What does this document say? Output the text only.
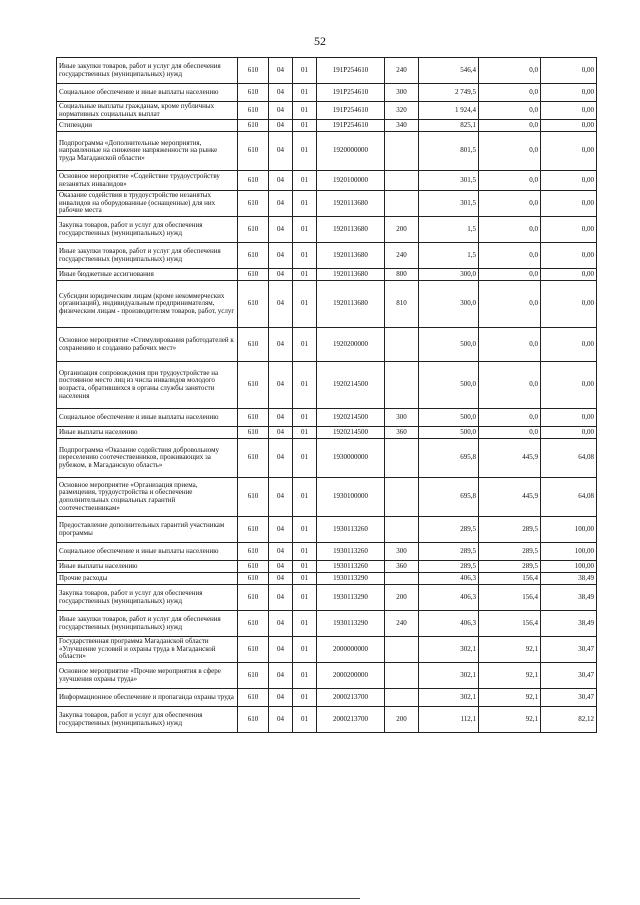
52
Иные закупки товаров, работ и услуг для обеспечения государственных (муниципальных) нужд	610	04	01	191P254610	240	546,4	0,0	0,00
Социальное обеспечение и иные выплаты населению	610	04	01	191P254610	300	2 749,5	0,0	0,00
Социальные выплаты гражданам, кроме публичных нормативных социальных выплат	610	04	01	191P254610	320	1 924,4	0,0	0,00
Стипендии	610	04	01	191P254610	340	825,1	0,0	0,00
Подпрограмма «Дополнительные мероприятия, направленные на снижение напряженности на рынке труда Магаданской области»	610	04	01	1920000000		801,5	0,0	0,00
Основное мероприятие «Содействие трудоустройству незанятых инвалидов»	610	04	01	1920100000		301,5	0,0	0,00
Оказание содействия в трудоустройстве незанятых инвалидов на оборудованные (оснащенные) для них рабочие места	610	04	01	1920113680		301,5	0,0	0,00
Закупка товаров, работ и услуг для обеспечения государственных (муниципальных) нужд	610	04	01	1920113680	200	1,5	0,0	0,00
Иные закупки товаров, работ и услуг для обеспечения государственных (муниципальных) нужд	610	04	01	1920113680	240	1,5	0,0	0,00
Иные бюджетные ассигнования	610	04	01	1920113680	800	300,0	0,0	0,00
Субсидии юридическим лицам (кроме некоммерческих организаций), индивидуальным предпринимателям, физическим лицам - производителям товаров, работ, услуг	610	04	01	1920113680	810	300,0	0,0	0,00
Основное мероприятие «Стимулирования работодателей к сохранению и созданию рабочих мест»	610	04	01	1920200000		500,0	0,0	0,00
Организация сопровождения при трудоустройстве на постоянное место лиц из числа инвалидов молодого возраста, обратившихся в органы службы занятости населения	610	04	01	1920214500		500,0	0,0	0,00
Социальное обеспечение и иные выплаты населению	610	04	01	1920214500	300	500,0	0,0	0,00
Иные выплаты населению	610	04	01	1920214500	360	500,0	0,0	0,00
Подпрограмма «Оказание содействия добровольному переселению соотечественников, проживающих за рубежом, в Магаданскую область»	610	04	01	1930000000		695,8	445,9	64,08
Основное мероприятие «Организация приема, размещения, трудоустройства и обеспечение дополнительных социальных гарантий соотечественникам»	610	04	01	1930100000		695,8	445,9	64,08
Предоставление дополнительных гарантий участникам программы	610	04	01	1930113260		289,5	289,5	100,00
Социальное обеспечение и иные выплаты населению	610	04	01	1930113260	300	289,5	289,5	100,00
Иные выплаты населению	610	04	01	1930113260	360	289,5	289,5	100,00
Прочие расходы	610	04	01	1930113290		406,3	156,4	38,49
Закупка товаров, работ и услуг для обеспечения государственных (муниципальных) нужд	610	04	01	1930113290	200	406,3	156,4	38,49
Иные закупки товаров, работ и услуг для обеспечения государственных (муниципальных) нужд	610	04	01	1930113290	240	406,3	156,4	38,49
Государственная программа Магаданской области «Улучшение условий и охраны труда в Магаданской области»	610	04	01	2000000000		302,1	92,1	30,47
Основное мероприятие «Прочие мероприятия в сфере улучшения охраны труда»	610	04	01	2000200000		302,1	92,1	30,47
Информационное обеспечение и пропаганда охраны труда	610	04	01	2000213700		302,1	92,1	30,47
Закупка товаров, работ и услуг для обеспечения государственных (муниципальных) нужд	610	04	01	2000213700	200	112,1	92,1	82,12
